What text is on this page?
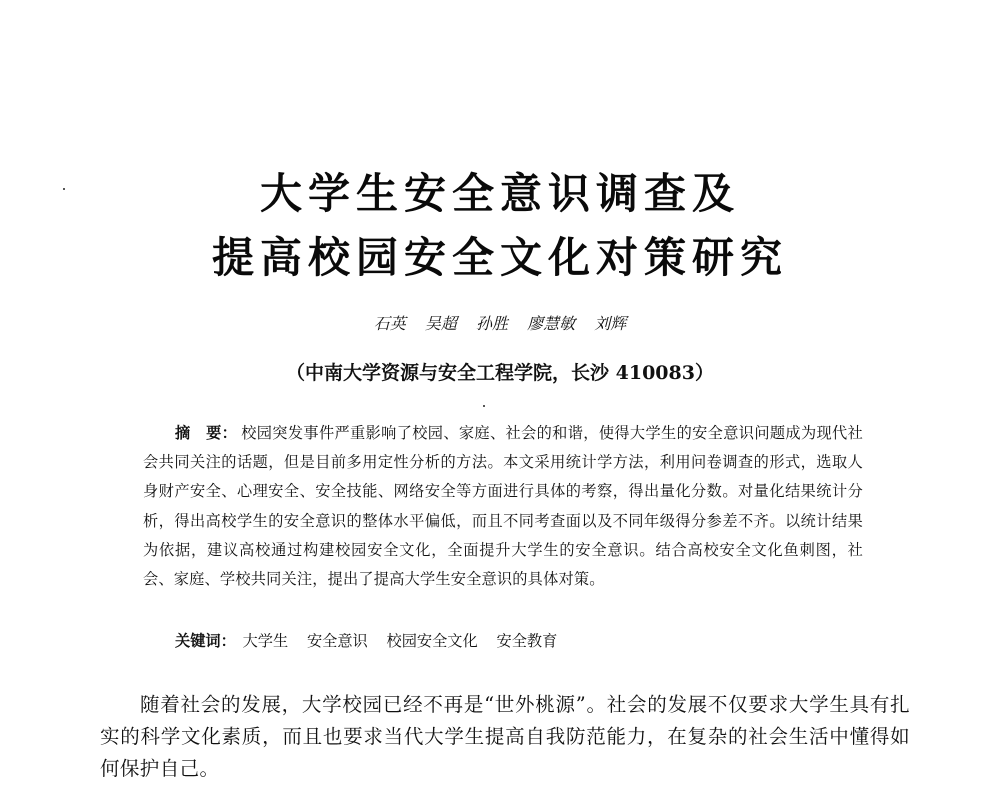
大学生安全意识调查及
提高校园安全文化对策研究
石英 吴超 孙胜 廖慧敏 刘辉
（中南大学资源与安全工程学院，长沙 410083）
摘　要： 校园突发事件严重影响了校园、家庭、社会的和谐，使得大学生的安全意识问题成为现代社会共同关注的话题，但是目前多用定性分析的方法。本文采用统计学方法，利用问卷调查的形式，选取人身财产安全、心理安全、安全技能、网络安全等方面进行具体的考察，得出量化分数。对量化结果统计分析，得出高校学生的安全意识的整体水平偏低，而且不同考查面以及不同年级得分参差不齐。以统计结果为依据，建议高校通过构建校园安全文化，全面提升大学生的安全意识。结合高校安全文化鱼刺图，社会、家庭、学校共同关注，提出了提高大学生安全意识的具体对策。
关键词： 大学生 安全意识 校园安全文化 安全教育
随着社会的发展，大学校园已经不再是“世外桃源”。社会的发展不仅要求大学生具有扎实的科学文化素质，而且也要求当代大学生提高自我防范能力，在复杂的社会生活中懂得如何保护自己。
